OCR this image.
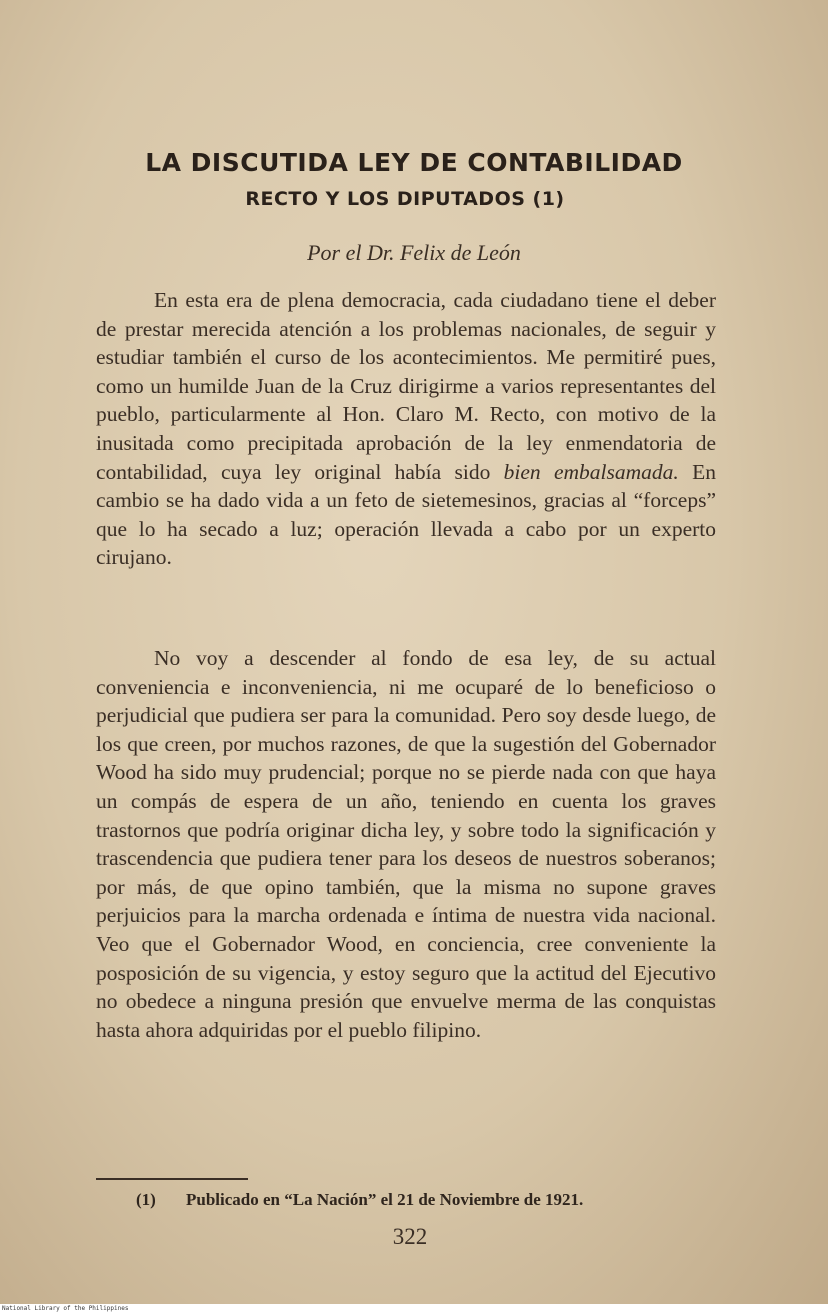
LA DISCUTIDA LEY DE CONTABILIDAD
RECTO Y LOS DIPUTADOS (1)

Por el Dr. Felix de León

En esta era de plena democracia, cada ciudadano tiene el deber de prestar merecida atención a los problemas nacionales, de seguir y estudiar también el curso de los acontecimientos. Me permitiré pues, como un humilde Juan de la Cruz dirigirme a varios representantes del pueblo, particularmente al Hon. Claro M. Recto, con motivo de la inusitada como precipitada aprobación de la ley enmendatoria de contabilidad, cuya ley original había sido bien embalsamada. En cambio se ha dado vida a un feto de sietemesinos, gracias al “forceps” que lo ha secado a luz; operación llevada a cabo por un experto cirujano.

No voy a descender al fondo de esa ley, de su actual conveniencia e inconveniencia, ni me ocuparé de lo beneficioso o perjudicial que pudiera ser para la comunidad. Pero soy desde luego, de los que creen, por muchos razones, de que la sugestión del Gobernador Wood ha sido muy prudencial; porque no se pierde nada con que haya un compás de espera de un año, teniendo en cuenta los graves trastornos que podría originar dicha ley, y sobre todo la significación y trascendencia que pudiera tener para los deseos de nuestros soberanos; por más, de que opino también, que la misma no supone graves perjuicios para la marcha ordenada e íntima de nuestra vida nacional. Veo que el Gobernador Wood, en conciencia, cree conveniente la posposición de su vigencia, y estoy seguro que la actitud del Ejecutivo no obedece a ninguna presión que envuelve merma de las conquistas hasta ahora adquiridas por el pueblo filipino.

(1) Publicado en “La Nación” el 21 de Noviembre de 1921.

322

National Library of the Philippines
